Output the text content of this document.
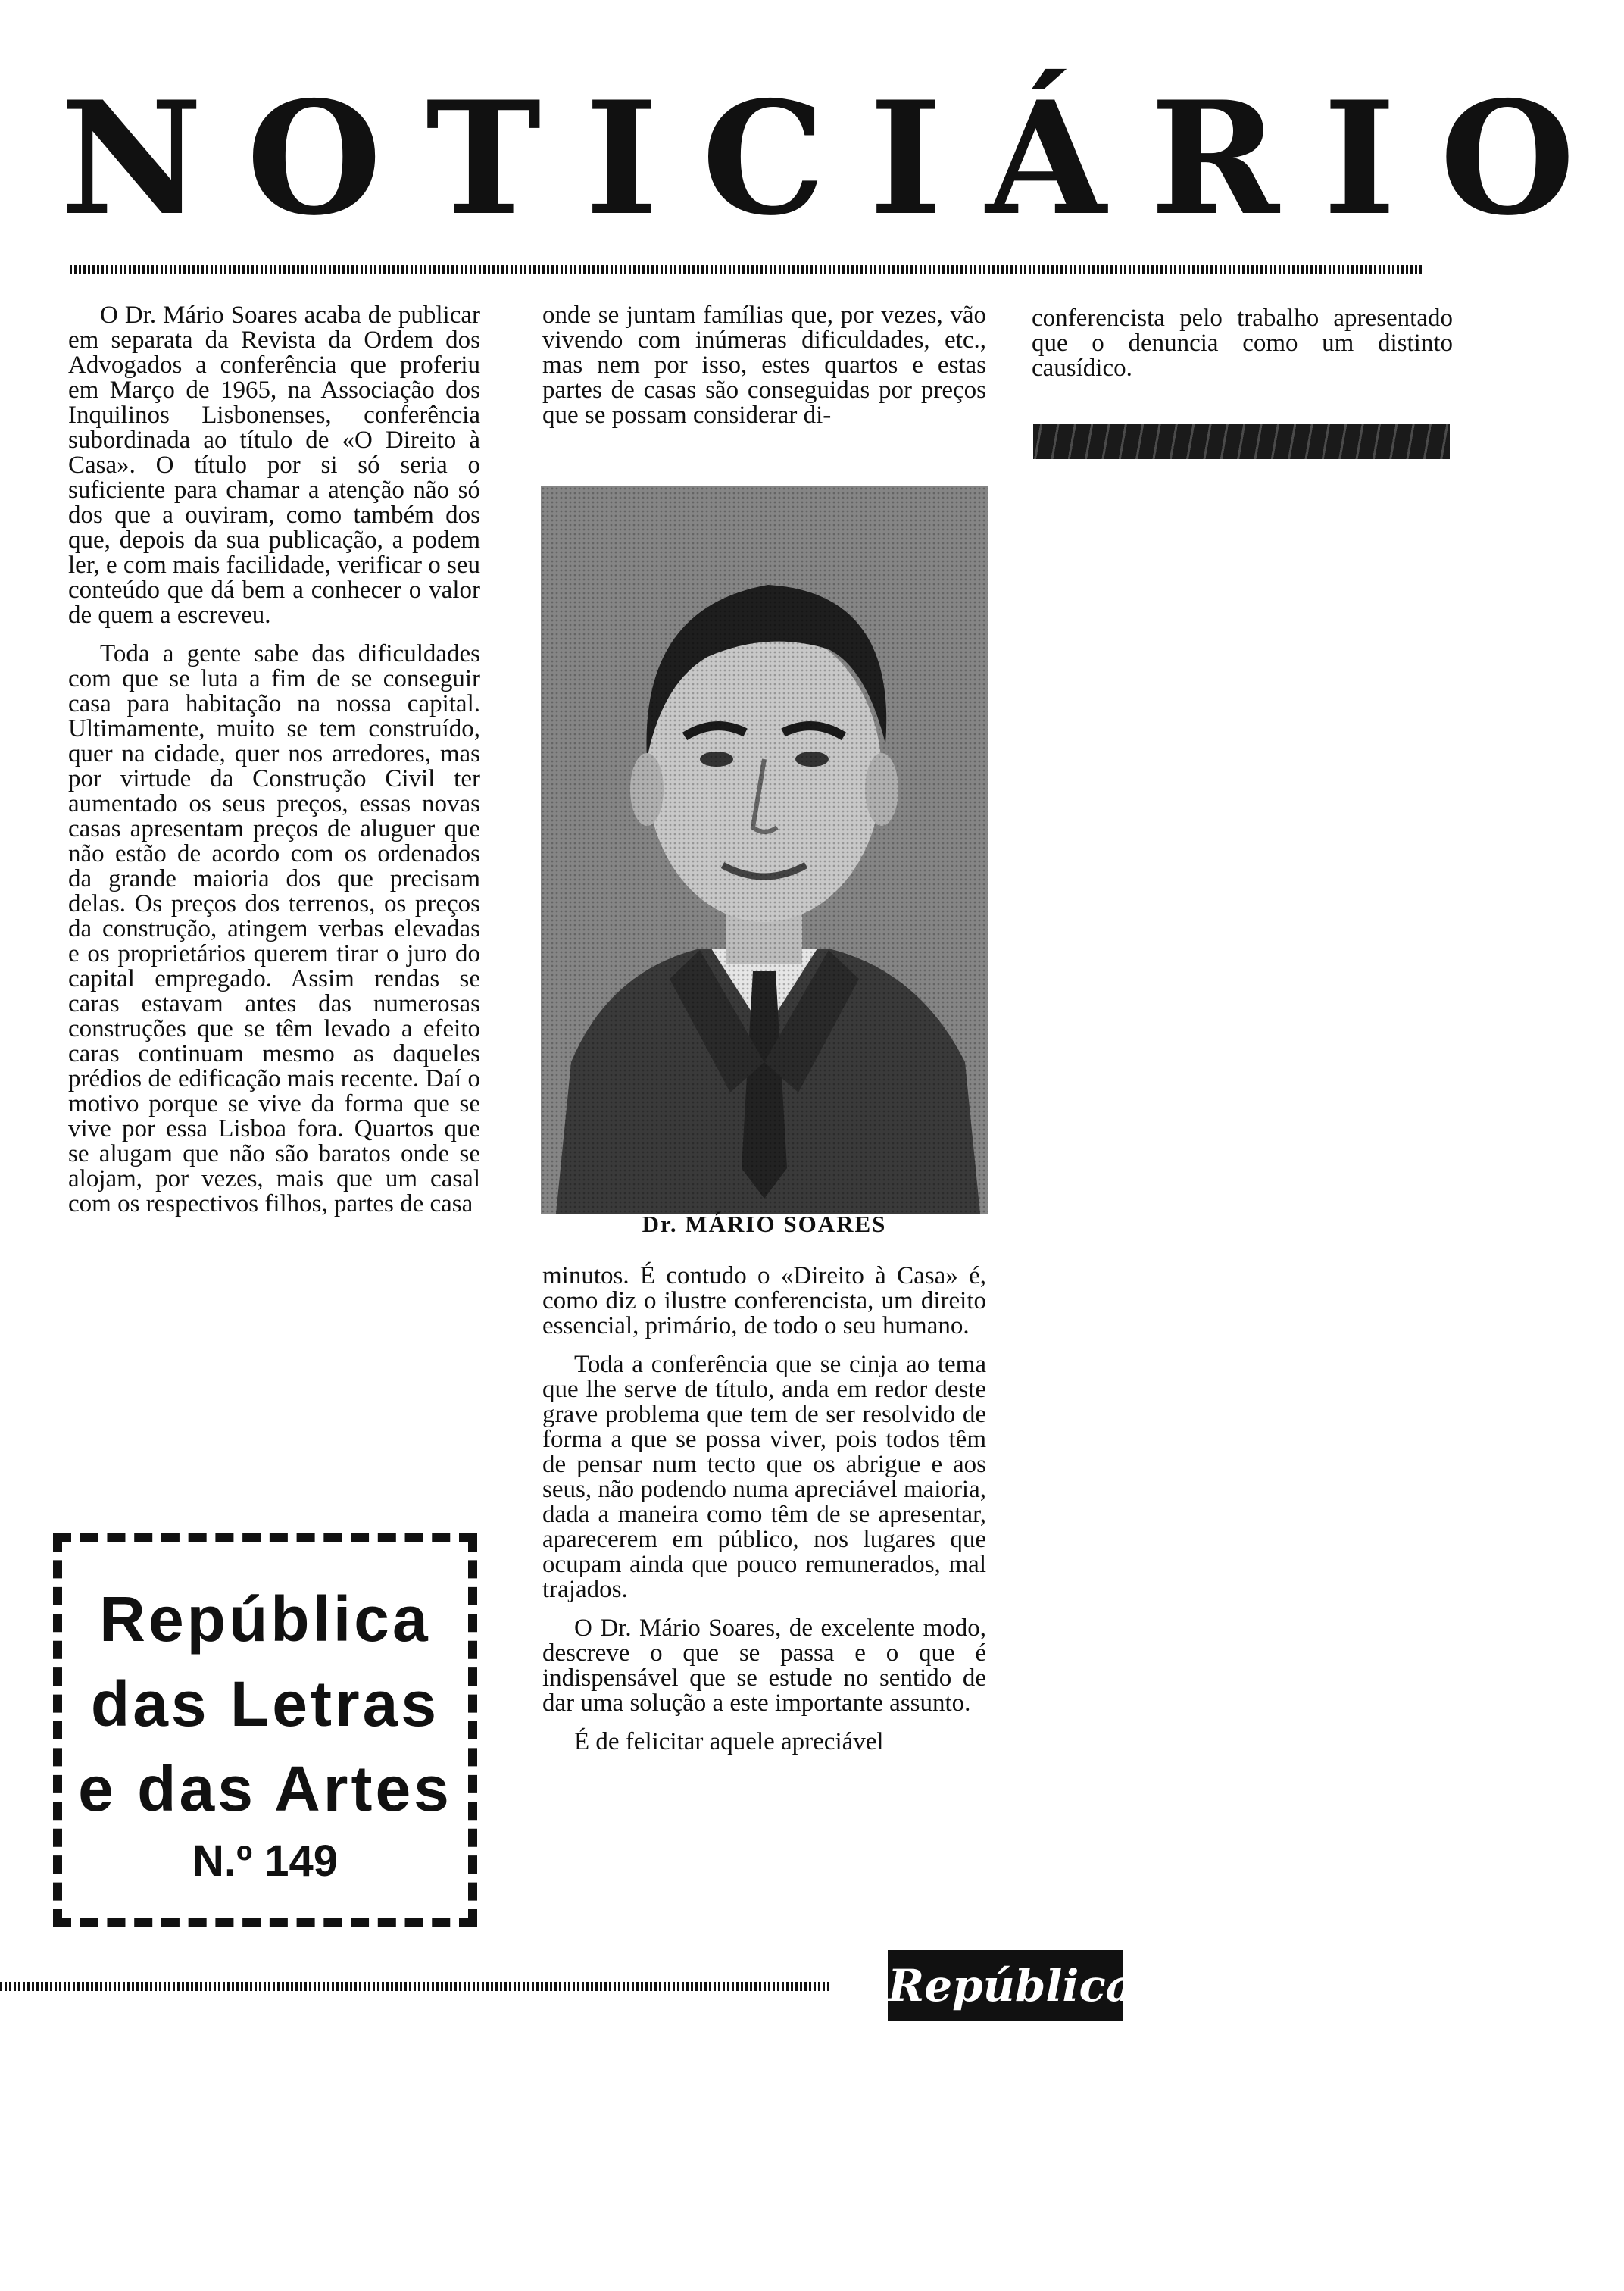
NOTICIÁRIO

O Dr. Mário Soares acaba de publicar em separata da Revista da Ordem dos Advogados a conferência que proferiu em Março de 1965, na Associação dos Inquilinos Lisbonenses, conferência subordinada ao título de «O Direito à Casa». O título por si só seria o suficiente para chamar a atenção não só dos que a ouviram, como também dos que, depois da sua publicação, a podem ler, e com mais facilidade, verificar o seu conteúdo que dá bem a conhecer o valor de quem a escreveu.

Toda a gente sabe das dificuldades com que se luta a fim de se conseguir casa para habitação na nossa capital. Ultimamente, muito se tem construído, quer na cidade, quer nos arredores, mas por virtude da Construção Civil ter aumentado os seus preços, essas novas casas apresentam preços de aluguer que não estão de acordo com os ordenados da grande maioria dos que precisam delas. Os preços dos terrenos, os preços da construção, atingem verbas elevadas e os proprietários querem tirar o juro do capital empregado. Assim rendas se caras estavam antes das numerosas construções que se têm levado a efeito caras continuam mesmo as daqueles prédios de edificação mais recente. Daí o motivo porque se vive da forma que se vive por essa Lisboa fora. Quartos que se alugam que não são baratos onde se alojam, por vezes, mais que um casal com os respectivos filhos, partes de casa

onde se juntam famílias que, por vezes, vão vivendo com inúmeras dificuldades, etc., mas nem por isso, estes quartos e estas partes de casas são conseguidas por preços que se possam considerar di-

Dr. MÁRIO SOARES

minutos. É contudo o «Direito à Casa» é, como diz o ilustre conferencista, um direito essencial, primário, de todo o seu humano.

Toda a conferência que se cinja ao tema que lhe serve de título, anda em redor deste grave problema que tem de ser resolvido de forma a que se possa viver, pois todos têm de pensar num tecto que os abrigue e aos seus, não podendo numa apreciável maioria, dada a maneira como têm de se apresentar, aparecerem em público, nos lugares que ocupam ainda que pouco remunerados, mal trajados.

O Dr. Mário Soares, de excelente modo, descreve o que se passa e o que é indispensável que se estude no sentido de dar uma solução a este importante assunto.

É de felicitar aquele apreciável

conferencista pelo trabalho apresentado que o denuncia como um distinto causídico.

República
das Letras
e das Artes
N.º 149
República
